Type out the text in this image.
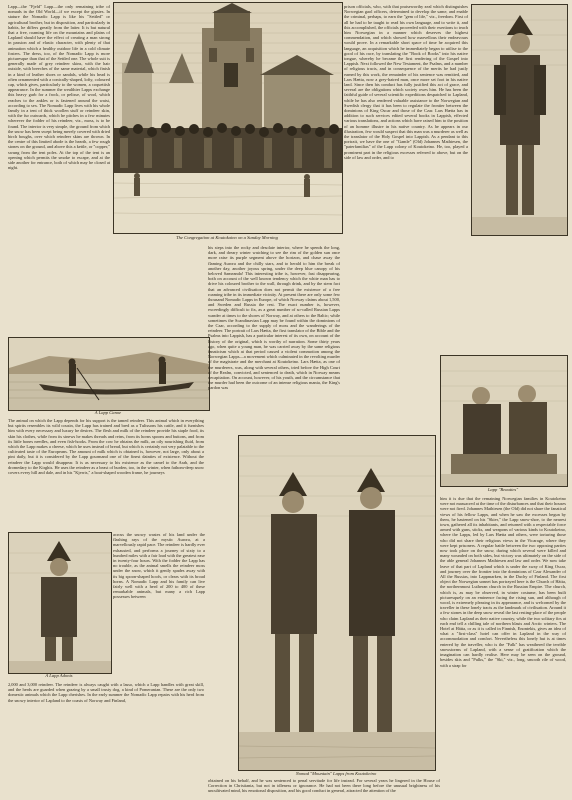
Lapp—the "Fjeld" Lapp—the only remaining tribe of nomads in the Old World—if we except the gipsies. In stature the Nomadic Lapp is like his "Settled" or agricultural brother, but in disposition, and particularly in habits, he differs greatly from the latter. It is but natural that a free, roaming life on the mountains and plains of Lapland should have the effect of creating a man strong in passion and of elastic character, with plenty of that animation which a healthy outdoor life in a cold climate fosters. The dress, too, of the Nomadic Lapp is more picturesque than that of the Settled one. The whole suit is generally made of grey reindeer skins, with the hair outside, with breeches of the same material, which finish in a kind of leather shoes or sandals, while his head is often ornamented with a conically-shaped, lofty, coloured cap, which gives, particularly to the women, a coquettish appearance. In the summer the wealthier Lapps exchange this heavy garb for a frock, or pelisse, of wool, which reaches to the ankles or is fastened around the waist, according to sex. The Nomadic Lapp lives with his whole family in a tent of thick woollen stuff or reindeer skin, with the fur outwards, which he pitches in a few minutes wherever the fodder of his reindeer, viz., moss, is to be found. The interior is very simple, the ground from which the snow has been swept being merely covered with dried birch boughs, over which reindeer skins are thrown. In the centre of this limited abode is the hearth, a few rough stones on the ground, and above this a kettle, or "copper," swung from the tent poles. At the top of the tent is an opening which permits the smoke to escape, and at the side another for entrance, both of which may be closed at night.
The Congregation at Koutokaino on a Sunday Morning
prison officials, who, with that praiseworthy zeal which distinguishes Norwegian gaol officers, determined to develop the same, and enable the criminal, perhaps, to earn the "gem of life," viz., freedom. First of all he had to be taught to read his own language, and to write it, and this accomplished, the officials proceeded with their exertions to teach him Norwegian in a manner which deserves the highest commendation, and which showed how marvellous their endeavours would prove. In a remarkable short space of time he acquired this language, an acquisition which he immediately began to utilise to the good of his race, by translating the "Book of Books" into his native tongue, whereby he became the first rendering of the Gospel into Lappish. Next followed the New Testament, the Psalms, and a number of religious tracts, and in consequence of the merits he had justly earned by this work, the remainder of his sentence was remitted, and Lars Hætta, now a grey-haired man, once more set foot in his native land. Since then his conduct has fully justified this act of grace, and several are the obligations which society owes him. He has been the faithful guide of several scientific expeditions despatched to Lapland, while he has also rendered valuable assistance to the Norwegian and Swedish clergy that it has been to regulate the frontier between the dominions of King Oscar and those of the Czar. Lars Hætta has in addition to such services edited several books in Lappish, effected various translations, and actions which have raised him to the position of an homme illustre in his native country. As he appears in our illustration, few would suspect that this man was a murderer as well as the translator of the Holy Gospel into Lappish. As a pendant to this portrait, we have the one of "Gamle" (Old) Johannes Mathiesen, the "paterfamilias" of the Lapp colony of Koutokeino. He, too, played a prominent part in the religious excesses referred to above, but on the side of law and order, and to
A Lapp Canoe
The animal on which the Lapp depends for his support is the tamed reindeer. This animal which in everything but spirits resembles its wild cousin, the Lapp has trained and bred as a Tulissons his cattle, and it furnishes him with every necessary and luxury he desires. The flesh and milk of the reindeer provide his staple food, its skin his clothes, while from its sinews he makes threads and reins, from its horns spoons and buttons, and from its little bones needles, and even fish-hooks. From the cow he obtains the milk, an oily nourishing fluid, from which the Lapp makes a cheese, which he uses instead of bread, but which is certainly not very palatable to the cultivated taste of the Europeans. The amount of milk which is obtained is, however, not large, only about a pint daily, but it is considered by the Lapp gourmand one of the finest dainties of existence. Without the reindeer the Lapp would disappear. It is as necessary to his existence as the camel to the Arab, and the dromedary to the Kirghis. He uses the reindeer as a beast of burden, too, in the winter, when fathom-deep snow covers every hill and dale, and in his "Kjerris," a boat-shaped wooden frame, he journeys
A Lapp Adonis
across the snowy wastes of his land under the flashing rays of the mystic Aurora, at a marvellously rapid pace. The reindeer is hardly ever exhausted, and performs a journey of sixty to a hundred miles with a fair load with the greatest ease in twenty-four hours. With the fodder the Lapp has no trouble, as the animal smells the reindeer moss under the snow, which it gently spades away with its big spoon-shaped hoofs, or clears with its broad horns. A Nomadic Lapp and his family can live fairly well with a herd of 200 to 400 of these remarkable animals, but many a rich Lapp possesses between
2,000 and 3,000 reindeer. The reindeer is always caught with a lasso, which a Lapp handles with great skill, and the herds are guarded when grazing by a small trusty dog, a kind of Pomeranian. These are the only two domestic animals which the Lapp cherishes. In the early summer the Nomadic Lapp repairs with his herd from the snowy interior of Lapland to the coasts of Norway and Finland,
his steps into the rocky and desolate interior, where he spends the long, dark, and dreary winter watching to see the rim of the golden sun once more raise its purple segment above the horizon, and chase away the flaming Aurora and the chilly stars, and to herald to him the break of another day, another joyous spring, under the deep blue canopy of his beloved Sameanda! This interesting tribe is, however, fast disappearing, both on account of the well known tendency which the white man has to drive his coloured brother to the wall, through drink, and by the stern fact that an advanced civilisation does not permit the existence of a free roaming tribe in its immediate vicinity. At present there are only some few thousand Nomadic Lapps in Europe, of which Norway claims about 1,500, and Sweden and Russia the rest. The exact number is, however, exceedingly difficult to fix, as a great number of so-called Russian Lapps wander at times to the shores of Norway, and at others to the Baltic; while sometimes the Scandinavian Lapp may be found within the dominions of the Czar, according to the supply of moss and the wanderings of the reindeer. The portrait of Lars Hætta, the first translator of the Bible and the Psalms into Lappish, has a particular interest of its own, on account of the history of the original, which is worthy of narration. Some thirty years ago, when quite a young man, he was carried away by the same religious fanaticism which at that period caused a violent commotion among the Norwegian Lapps—a movement which culminated in the revolting murder of the magistrate and the merchant at Koutokeino. Lars Hætta, as one of the murderers, was, along with several others, tried before the High Court of the Realm, convicted, and sentenced to death, which in Norway means decapitation. On account, however, of his youth, and the circumstance that the murder had been the outcome of an intense religious mania, the King's pardon was
Lapp "Beauties"
Nomad "Mountain" Lapps from Koutokeino
obtained on his behalf, and he was sentenced to penal servitude for life instead. For several years he lingered in the House of Correction in Christiania, but not in idleness or ignorance. He had not been there long before the unusual brightness of his uncultivated mind, his emotional disposition, and his good conduct in general, attracted the attention of the
him it is due that the remaining Norwegian families in Koutokeino were not massacred at the time of the disturbances and that their houses were not fired. Johannes Mathiesen (the Old) did not share the fanatical views of his fellow Lapps, and when he saw the excesses begun by them, he hastened on his "Skier," the Lapp snow-shoe, to the nearest town, gathered all its inhabitants, and returned with a respectable force armed with guns, sticks, and weapons of various kinds to Koutokeino, where the Lapps, led by Lars Hætta and others, were torturing those who did not share their religious views in the Vicarage, where they were kept prisoners. A regular battle between the two opposing parties now took place on the snow, during which several were killed and many wounded on both sides, but victory was ultimately on the side of the able general Johannes Mathiesen and law and order. We now take leave of that part of Lapland which is under the sway of King Oscar, and journey over the frontier into the dominions of Czar Alexander of All the Russias, into Lappmarken, in the Duchy of Finland. The first object the Norwegian sonnet has portrayed here is the Church of Hätta, the northernmost Lutheran church in the Russian Empire. The church, which is, as may be observed, in winter costume, has been built picturesquely on an eminence facing the rising sun, and although of wood, is extremely pleasing in its appearance, and is welcomed by the traveller in these lonely tracts as the landmark of civilisation. Around it a few stones in the deep snow reveal the last resting-place of the people who claim Lapland as their native country, while the two solitary firs at each end tell a chilling tale of northern blasts and Arctic winters. The Hotel at Hätta, or as it is called in Finnish, Enontekis, gives an idea of what a "first-class" hotel can offer in Lapland in the way of accommodation and comfort. Nevertheless this lonely hut is at times entered by the traveller, who is the "Falk" has weathered the terrible snowstorms of Lapland, with a sense of gratification which the imagination can hardly realise. Here may be seen on the ground, besides skis and "Pulks," the "Ski," viz., long, smooth rile of wood, with a strap for
